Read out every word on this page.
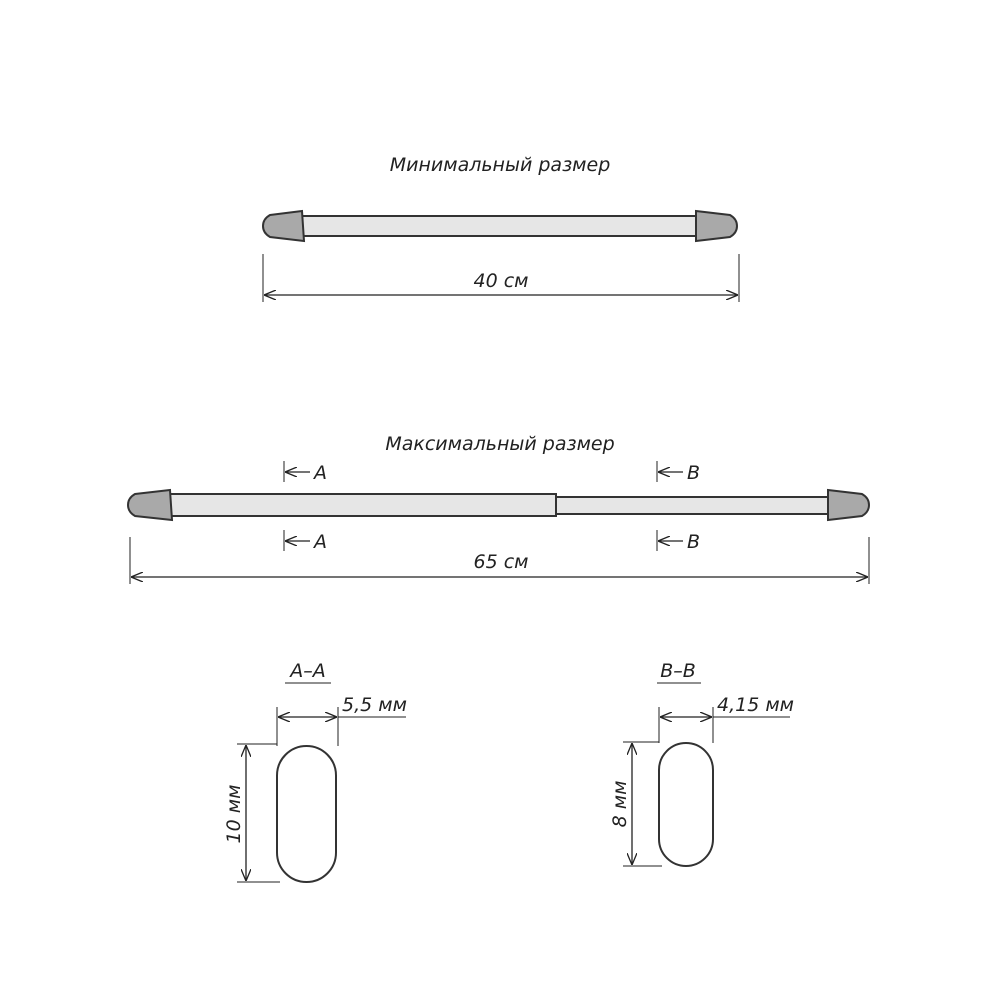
Минимальный размер
40 см
Максимальный размер
A
A
B
B
65 см
A–A
5,5 мм
10 мм
B–B
4,15 мм
8 мм
